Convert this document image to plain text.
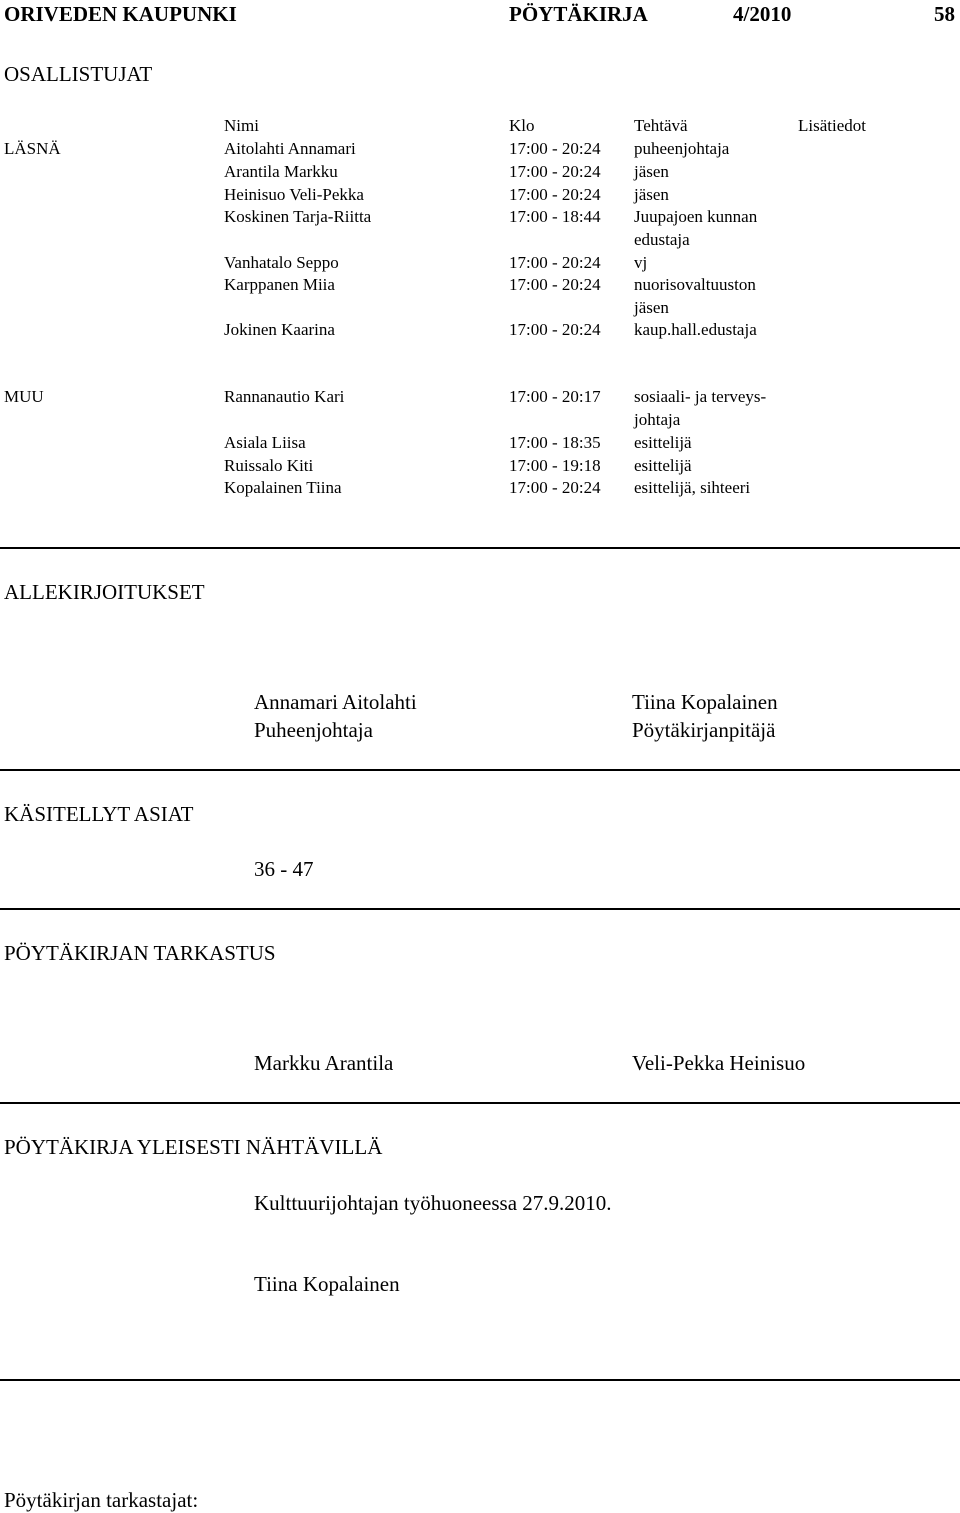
ORIVEDEN KAUPUNKI	PÖYTÄKIRJA	4/2010	58
OSALLISTUJAT
Nimi	Klo	Tehtävä	Lisätiedot
LÄSNÄ	Aitolahti Annamari	17:00 - 20:24 puheenjohtaja
Arantila Markku	17:00 - 20:24 jäsen
Heinisuo Veli-Pekka	17:00 - 20:24 jäsen
Koskinen Tarja-Riitta	17:00 - 18:44 Juupajoen kunnan
edustaja
Vanhatalo Seppo	17:00 - 20:24 vj
Karppanen Miia	17:00 - 20:24 nuorisovaltuuston
jäsen
Jokinen Kaarina	17:00 - 20:24 kaup.hall.edustaja
MUU	Rannanautio Kari	17:00 - 20:17 sosiaali- ja terveys-
johtaja
Asiala Liisa	17:00 - 18:35 esittelijä
Ruissalo Kiti	17:00 - 19:18 esittelijä
Kopalainen Tiina	17:00 - 20:24 esittelijä, sihteeri
ALLEKIRJOITUKSET
Annamari Aitolahti
Puheenjohtaja
Tiina Kopalainen
Pöytäkirjanpitäjä
KÄSITELLYT ASIAT
36 - 47
PÖYTÄKIRJAN TARKASTUS
Markku Arantila	Veli-Pekka Heinisuo
PÖYTÄKIRJA YLEISESTI NÄHTÄVILLÄ
Kulttuurijohtajan työhuoneessa 27.9.2010.
Tiina Kopalainen
Pöytäkirjan tarkastajat:
